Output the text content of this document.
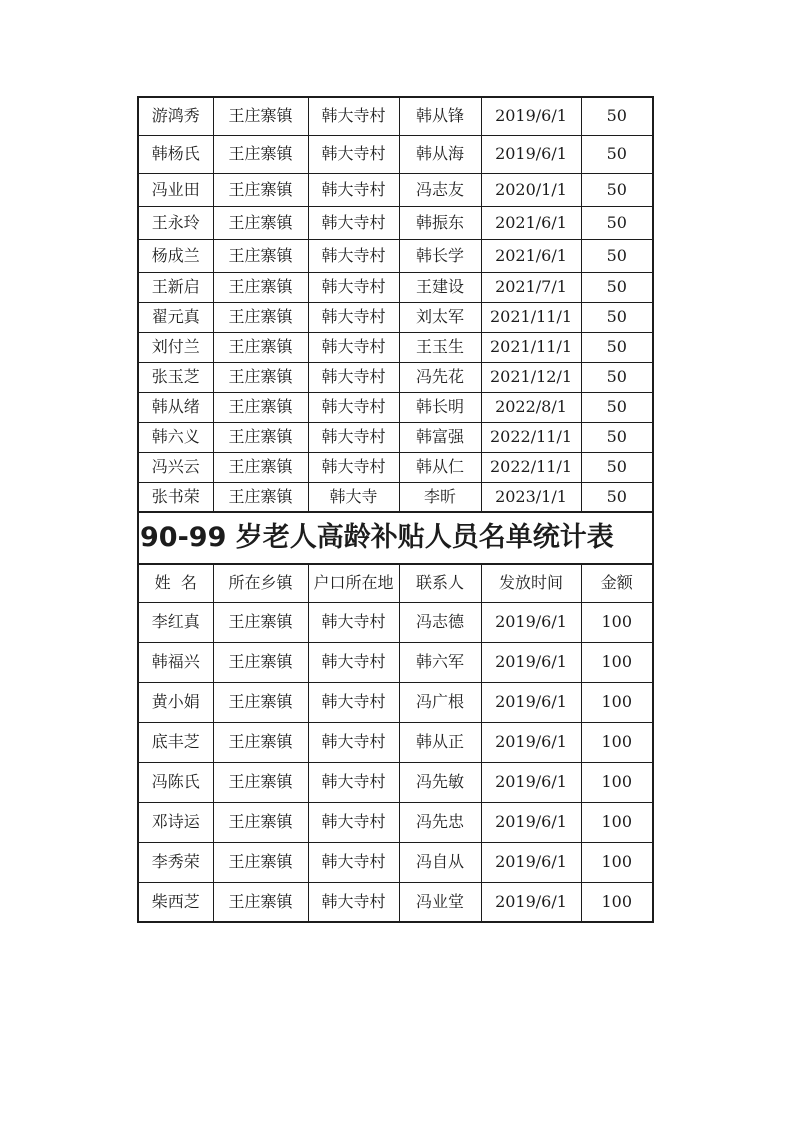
游鸿秀	王庄寨镇	韩大寺村	韩从锋	2019/6/1	50
韩杨氏	王庄寨镇	韩大寺村	韩从海	2019/6/1	50
冯业田	王庄寨镇	韩大寺村	冯志友	2020/1/1	50
王永玲	王庄寨镇	韩大寺村	韩振东	2021/6/1	50
杨成兰	王庄寨镇	韩大寺村	韩长学	2021/6/1	50
王新启	王庄寨镇	韩大寺村	王建设	2021/7/1	50
翟元真	王庄寨镇	韩大寺村	刘太军	2021/11/1	50
刘付兰	王庄寨镇	韩大寺村	王玉生	2021/11/1	50
张玉芝	王庄寨镇	韩大寺村	冯先花	2021/12/1	50
韩从绪	王庄寨镇	韩大寺村	韩长明	2022/8/1	50
韩六义	王庄寨镇	韩大寺村	韩富强	2022/11/1	50
冯兴云	王庄寨镇	韩大寺村	韩从仁	2022/11/1	50
张书荣	王庄寨镇	韩大寺	李昕	2023/1/1	50
90-99 岁老人高龄补贴人员名单统计表					
姓  名	所在乡镇	户口所在地	联系人	发放时间	金额
李红真	王庄寨镇	韩大寺村	冯志德	2019/6/1	100
韩福兴	王庄寨镇	韩大寺村	韩六军	2019/6/1	100
黄小娟	王庄寨镇	韩大寺村	冯广根	2019/6/1	100
底丰芝	王庄寨镇	韩大寺村	韩从正	2019/6/1	100
冯陈氏	王庄寨镇	韩大寺村	冯先敏	2019/6/1	100
邓诗运	王庄寨镇	韩大寺村	冯先忠	2019/6/1	100
李秀荣	王庄寨镇	韩大寺村	冯自从	2019/6/1	100
柴西芝	王庄寨镇	韩大寺村	冯业堂	2019/6/1	100
